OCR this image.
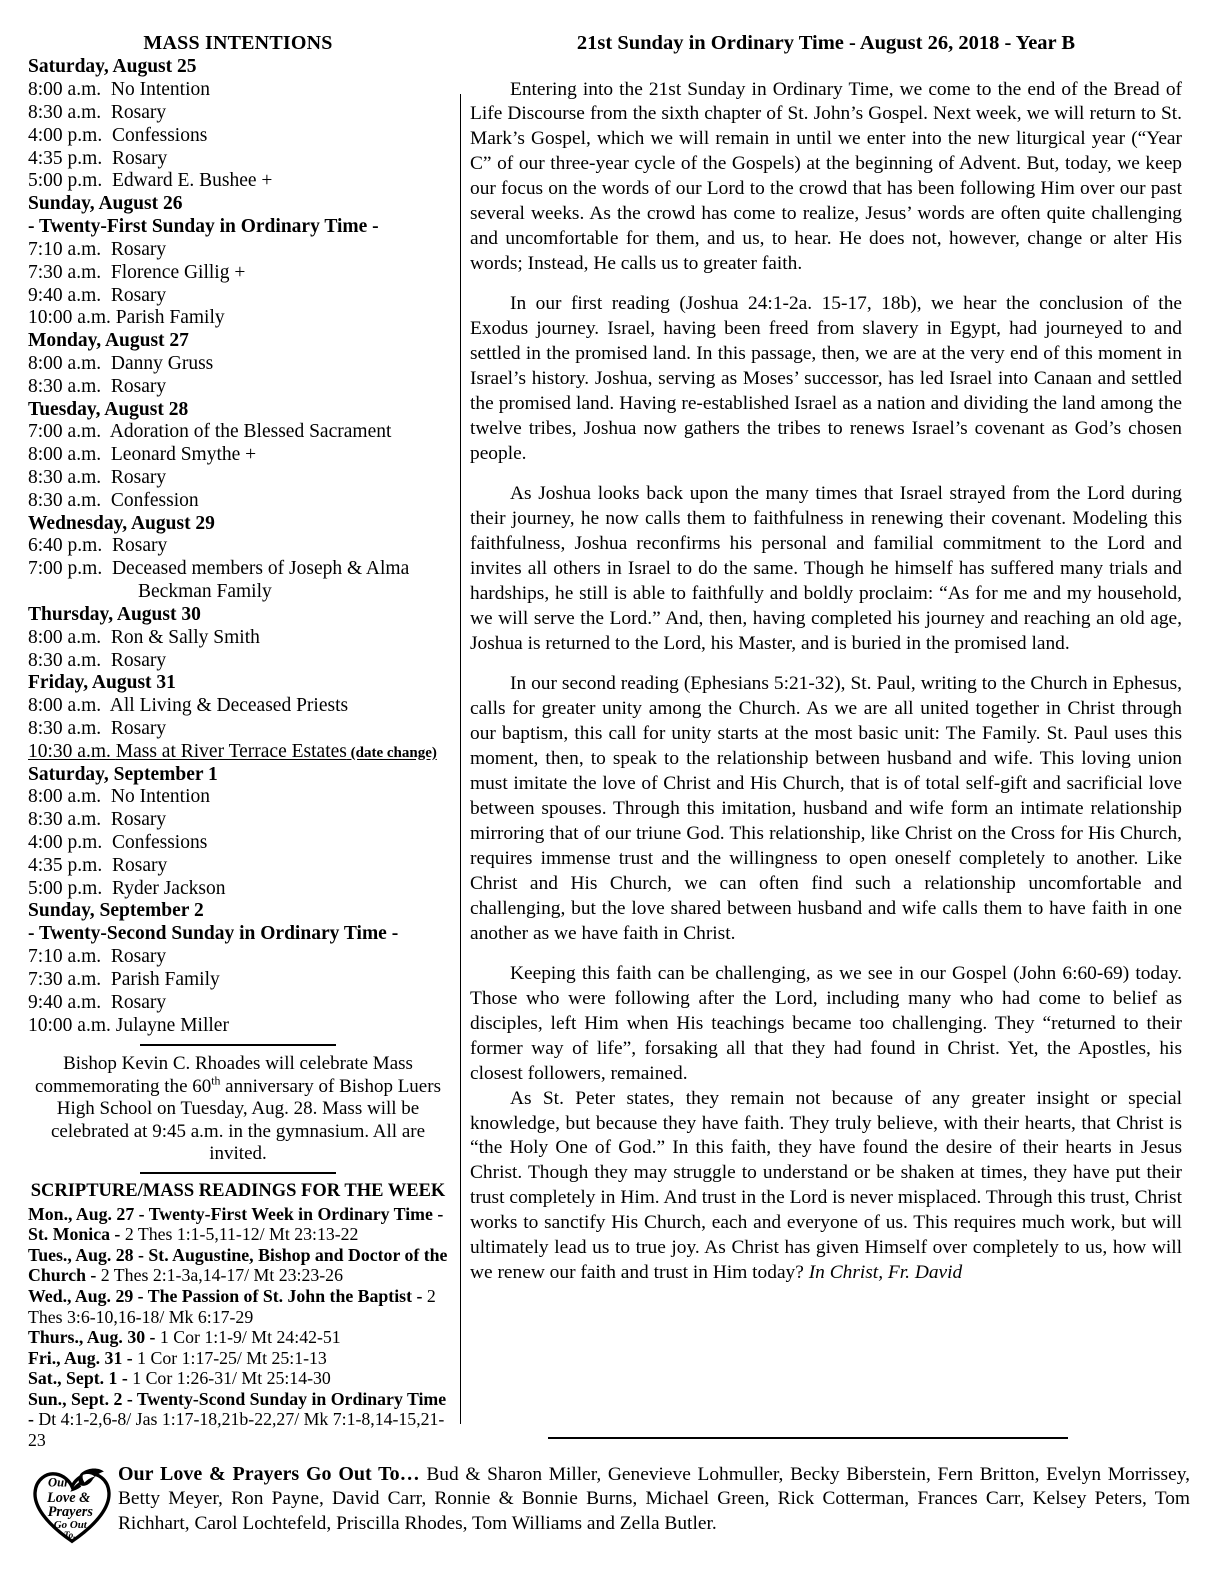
MASS INTENTIONS
Saturday, August 25
8:00 a.m.  No Intention
8:30 a.m.  Rosary
4:00 p.m.  Confessions
4:35 p.m.  Rosary
5:00 p.m.  Edward E. Bushee +
Sunday, August 26
- Twenty-First Sunday in Ordinary Time -
7:10 a.m.  Rosary
7:30 a.m.  Florence Gillig +
9:40 a.m.  Rosary
10:00 a.m. Parish Family
Monday, August 27
8:00 a.m.  Danny Gruss
8:30 a.m.  Rosary
Tuesday, August 28
7:00 a.m.  Adoration of the Blessed Sacrament
8:00 a.m.  Leonard Smythe +
8:30 a.m.  Rosary
8:30 a.m.  Confession
Wednesday, August 29
6:40 p.m.  Rosary
7:00 p.m.  Deceased members of Joseph & Alma
Beckman Family
Thursday, August 30
8:00 a.m.  Ron & Sally Smith
8:30 a.m.  Rosary
Friday, August 31
8:00 a.m.  All Living & Deceased Priests
8:30 a.m.  Rosary
10:30 a.m. Mass at River Terrace Estates (date change)
Saturday, September 1
8:00 a.m.  No Intention
8:30 a.m.  Rosary
4:00 p.m.  Confessions
4:35 p.m.  Rosary
5:00 p.m.  Ryder Jackson
Sunday, September 2
- Twenty-Second Sunday in Ordinary Time -
7:10 a.m.  Rosary
7:30 a.m.  Parish Family
9:40 a.m.  Rosary
10:00 a.m. Julayne Miller

Bishop Kevin C. Rhoades will celebrate Mass commemorating the 60th anniversary of Bishop Luers High School on Tuesday, Aug. 28. Mass will be celebrated at 9:45 a.m. in the gymnasium. All are invited.

SCRIPTURE/MASS READINGS FOR THE WEEK

Mon., Aug. 27 - Twenty-First Week in Ordinary Time - St. Monica - 2 Thes 1:1-5,11-12/ Mt 23:13-22

Tues., Aug. 28 - St. Augustine, Bishop and Doctor of the Church - 2 Thes 2:1-3a,14-17/ Mt 23:23-26

Wed., Aug. 29 - The Passion of St. John the Baptist - 2 Thes 3:6-10,16-18/ Mk 6:17-29

Thurs., Aug. 30 - 1 Cor 1:1-9/ Mt 24:42-51

Fri., Aug. 31 - 1 Cor 1:17-25/ Mt 25:1-13

Sat., Sept. 1 - 1 Cor 1:26-31/ Mt 25:14-30

Sun., Sept. 2 - Twenty-Scond Sunday in Ordinary Time - Dt 4:1-2,6-8/ Jas 1:17-18,21b-22,27/ Mk 7:1-8,14-15,21-23

21st Sunday in Ordinary Time - August 26, 2018 - Year B

Entering into the 21st Sunday in Ordinary Time, we come to the end of the Bread of Life Discourse from the sixth chapter of St. John’s Gospel. Next week, we will return to St. Mark’s Gospel, which we will remain in until we enter into the new liturgical year (“Year C” of our three-year cycle of the Gospels) at the beginning of Advent. But, today, we keep our focus on the words of our Lord to the crowd that has been following Him over our past several weeks. As the crowd has come to realize, Jesus’ words are often quite challenging and uncomfortable for them, and us, to hear. He does not, however, change or alter His words; Instead, He calls us to greater faith.

In our first reading (Joshua 24:1-2a. 15-17, 18b), we hear the conclusion of the Exodus journey. Israel, having been freed from slavery in Egypt, had journeyed to and settled in the promised land. In this passage, then, we are at the very end of this moment in Israel’s history. Joshua, serving as Moses’ successor, has led Israel into Canaan and settled the promised land. Having re-established Israel as a nation and dividing the land among the twelve tribes, Joshua now gathers the tribes to renews Israel’s covenant as God’s chosen people.

As Joshua looks back upon the many times that Israel strayed from the Lord during their journey, he now calls them to faithfulness in renewing their covenant. Modeling this faithfulness, Joshua reconfirms his personal and familial commitment to the Lord and invites all others in Israel to do the same. Though he himself has suffered many trials and hardships, he still is able to faithfully and boldly proclaim: “As for me and my household, we will serve the Lord.” And, then, having completed his journey and reaching an old age, Joshua is returned to the Lord, his Master, and is buried in the promised land.

In our second reading (Ephesians 5:21-32), St. Paul, writing to the Church in Ephesus, calls for greater unity among the Church. As we are all united together in Christ through our baptism, this call for unity starts at the most basic unit: The Family. St. Paul uses this moment, then, to speak to the relationship between husband and wife. This loving union must imitate the love of Christ and His Church, that is of total self-gift and sacrificial love between spouses. Through this imitation, husband and wife form an intimate relationship mirroring that of our triune God. This relationship, like Christ on the Cross for His Church, requires immense trust and the willingness to open oneself completely to another. Like Christ and His Church, we can often find such a relationship uncomfortable and challenging, but the love shared between husband and wife calls them to have faith in one another as we have faith in Christ.

Keeping this faith can be challenging, as we see in our Gospel (John 6:60-69) today. Those who were following after the Lord, including many who had come to belief as disciples, left Him when His teachings became too challenging. They “returned to their former way of life”, forsaking all that they had found in Christ. Yet, the Apostles, his closest followers, remained.

As St. Peter states, they remain not because of any greater insight or special knowledge, but because they have faith. They truly believe, with their hearts, that Christ is “the Holy One of God.” In this faith, they have found the desire of their hearts in Jesus Christ. Though they may struggle to understand or be shaken at times, they have put their trust completely in Him. And trust in the Lord is never misplaced. Through this trust, Christ works to sanctify His Church, each and everyone of us. This requires much work, but will ultimately lead us to true joy. As Christ has given Himself over completely to us, how will we renew our faith and trust in Him today? In Christ, Fr. David

Our
Love &
Prayers
Go Out
To...
Our Love & Prayers Go Out To… Bud & Sharon Miller, Genevieve Lohmuller, Becky Biberstein, Fern Britton, Evelyn Morrissey, Betty Meyer, Ron Payne, David Carr, Ronnie & Bonnie Burns, Michael Green, Rick Cotterman, Frances Carr, Kelsey Peters, Tom Richhart, Carol Lochtefeld, Priscilla Rhodes, Tom Williams and Zella Butler.
